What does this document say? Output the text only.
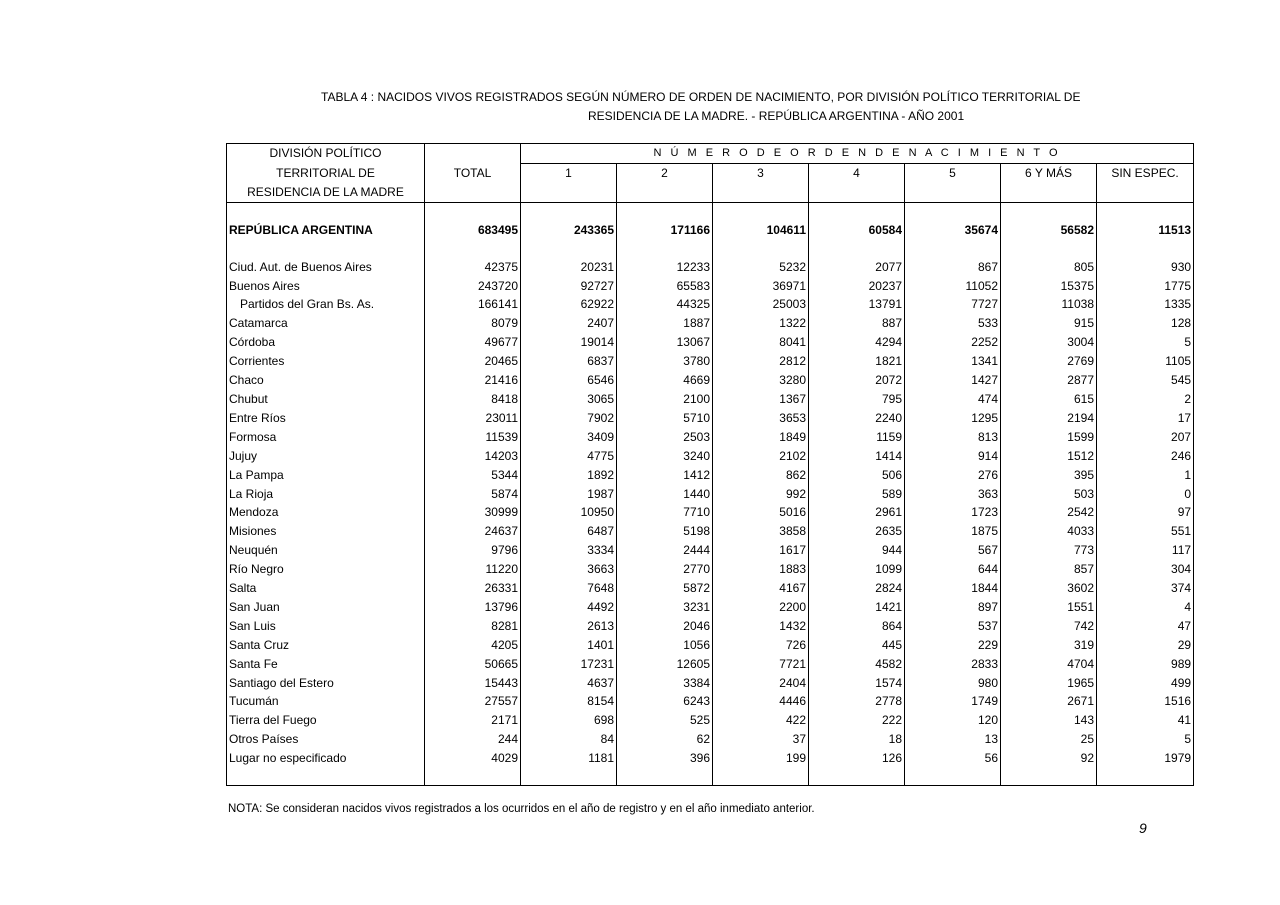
TABLA 4 : NACIDOS VIVOS REGISTRADOS SEGÚN NÚMERO DE ORDEN DE NACIMIENTO, POR DIVISIÓN POLÍTICO TERRITORIAL DE
RESIDENCIA DE LA MADRE. - REPÚBLICA ARGENTINA - AÑO 2001
DIVISIÓN POLÍTICO		N Ú M E R O D E O R D E N D E N A C I M I E N T O						
TERRITORIAL DE	TOTAL	1	2	3	4	5	6 Y MÁS	SIN ESPEC.
RESIDENCIA DE LA MADRE								

REPÚBLICA ARGENTINA	683495	243365	171166	104611	60584	35674	56582	11513

Ciud. Aut. de Buenos Aires	42375	20231	12233	5232	2077	867	805	930
Buenos Aires	243720	92727	65583	36971	20237	11052	15375	1775
Partidos del Gran Bs. As.	166141	62922	44325	25003	13791	7727	11038	1335
Catamarca	8079	2407	1887	1322	887	533	915	128
Córdoba	49677	19014	13067	8041	4294	2252	3004	5
Corrientes	20465	6837	3780	2812	1821	1341	2769	1105
Chaco	21416	6546	4669	3280	2072	1427	2877	545
Chubut	8418	3065	2100	1367	795	474	615	2
Entre Ríos	23011	7902	5710	3653	2240	1295	2194	17
Formosa	11539	3409	2503	1849	1159	813	1599	207
Jujuy	14203	4775	3240	2102	1414	914	1512	246
La Pampa	5344	1892	1412	862	506	276	395	1
La Rioja	5874	1987	1440	992	589	363	503	0
Mendoza	30999	10950	7710	5016	2961	1723	2542	97
Misiones	24637	6487	5198	3858	2635	1875	4033	551
Neuquén	9796	3334	2444	1617	944	567	773	117
Río Negro	11220	3663	2770	1883	1099	644	857	304
Salta	26331	7648	5872	4167	2824	1844	3602	374
San Juan	13796	4492	3231	2200	1421	897	1551	4
San Luis	8281	2613	2046	1432	864	537	742	47
Santa Cruz	4205	1401	1056	726	445	229	319	29
Santa Fe	50665	17231	12605	7721	4582	2833	4704	989
Santiago del Estero	15443	4637	3384	2404	1574	980	1965	499
Tucumán	27557	8154	6243	4446	2778	1749	2671	1516
Tierra del Fuego	2171	698	525	422	222	120	143	41
Otros Países	244	84	62	37	18	13	25	5
Lugar no especificado	4029	1181	396	199	126	56	92	1979

NOTA: Se consideran nacidos vivos registrados a los ocurridos en el año de registro y en el año inmediato anterior.
9
